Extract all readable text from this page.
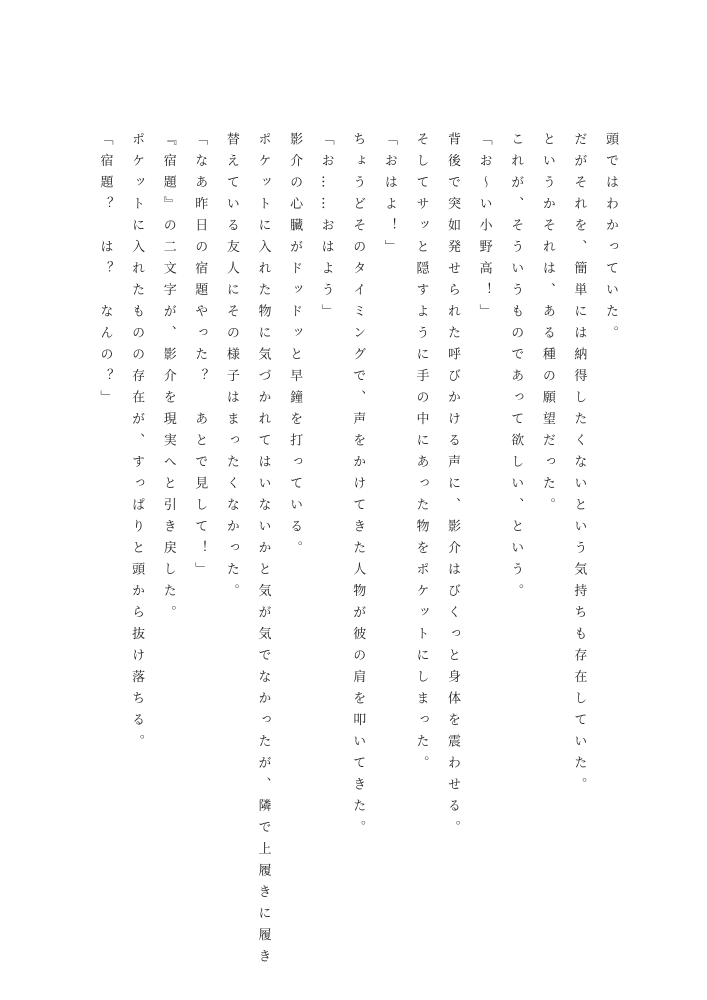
頭ではわかっていた。
だがそれを、簡単には納得したくないという気持ちも存在していた。
というかそれは、ある種の願望だった。
これが、そういうものであって欲しい、という。
「お～い小野高！」
背後で突如発せられた呼びかける声に、影介はびくっと身体を震わせる。
そしてサッと隠すように手の中にあった物をポケットにしまった。
「おはよ！」
ちょうどそのタイミングで、声をかけてきた人物が彼の肩を叩いてきた。
「お……おはよう」
影介の心臓がドッドッと早鐘を打っている。
ポケットに入れた物に気づかれてはいないかと気が気でなかったが、隣で上履きに履き
替えている友人にその様子はまったくなかった。
「なあ昨日の宿題やった？　あとで見して！」
『宿題』の二文字が、影介を現実へと引き戻した。
ポケットに入れたものの存在が、すっぱりと頭から抜け落ちる。
「宿題？　は？　なんの？」
